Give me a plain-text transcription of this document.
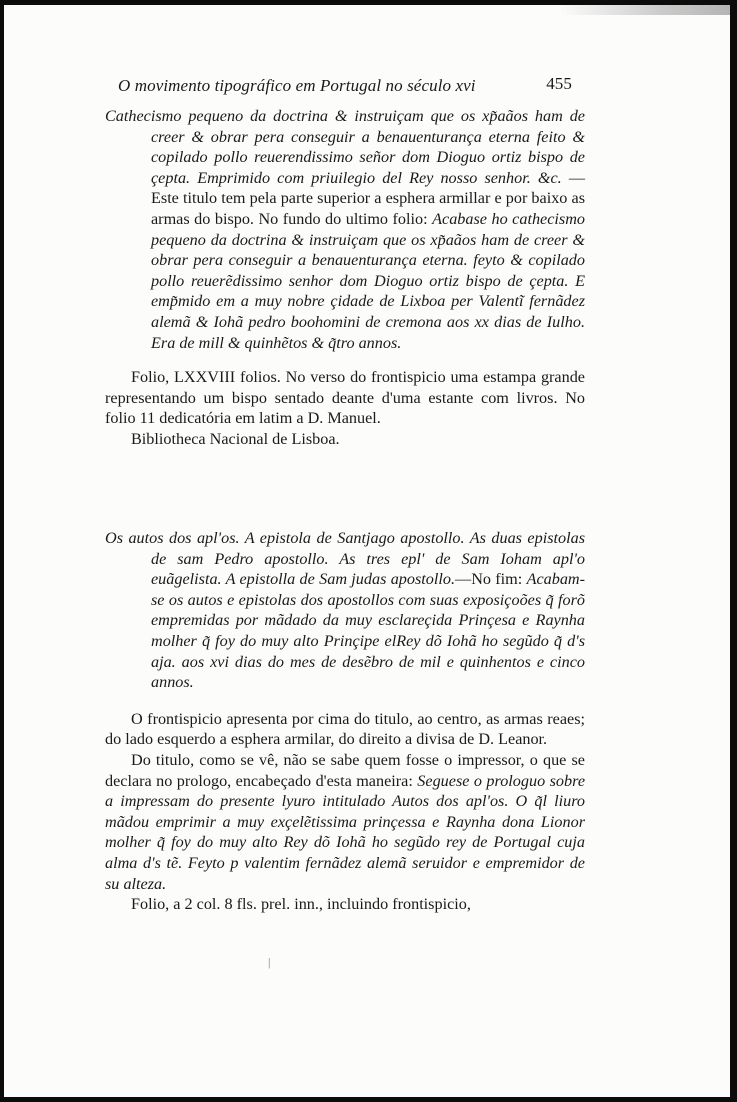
O movimento tipográfico em Portugal no século xvi	455

Cathecismo pequeno da doctrina & instruiçam que os xp̃aãos ham de creer & obrar pera conseguir a benauenturança eterna feito & copilado pollo reuerendissimo señor dom Dioguo ortiz bispo de çepta. Emprimido com priuilegio del Rey nosso senhor. &c. —Este titulo tem pela parte superior a esphera armillar e por baixo as armas do bispo. No fundo do ultimo folio: Acabase ho cathecismo pequeno da doctrina & instruiçam que os xp̃aãos ham de creer & obrar pera conseguir a benauenturança eterna. feyto & copilado pollo reuerẽdissimo senhor dom Dioguo ortiz bispo de çepta. E emp̃mido em a muy nobre çidade de Lixboa per Valentĩ fernãdez alemã & Iohã pedro boohomini de cremona aos xx dias de Iulho. Era de mill & quinhẽtos & q̃tro annos.

Folio, LXXVIII folios. No verso do frontispicio uma estampa grande representando um bispo sentado deante d'uma estante com livros. No folio 11 dedicatória em latim a D. Manuel.

Bibliotheca Nacional de Lisboa.

Os autos dos apl'os. A epistola de Santjago apostollo. As duas epistolas de sam Pedro apostollo. As tres epl' de Sam Ioham apl'o euãgelista. A epistolla de Sam judas apostollo.—No fim: Acabam-se os autos e epistolas dos apostollos com suas exposiçoões q̃ forõ empremidas por mãdado da muy esclareçida Prinçesa e Raynha molher q̃ foy do muy alto Prinçipe elRey dõ Iohã ho segũdo q̃ d's aja. aos xvi dias do mes de desẽbro de mil e quinhentos e cinco annos.

O frontispicio apresenta por cima do titulo, ao centro, as armas reaes; do lado esquerdo a esphera armilar, do direito a divisa de D. Leanor.

Do titulo, como se vê, não se sabe quem fosse o impressor, o que se declara no prologo, encabeçado d'esta maneira: Seguese o prologuo sobre a impressam do presente lyuro intitulado Autos dos apl'os. O q̃l liuro mãdou emprimir a muy exçelẽtissima prinçessa e Raynha dona Lionor molher q̃ foy do muy alto Rey dõ Iohã ho segũdo rey de Portugal cuja alma d's tẽ. Feyto p valentim fernãdez alemã seruidor e empremidor de su alteza.

Folio, a 2 col. 8 fls. prel. inn., incluindo frontispicio,

|
